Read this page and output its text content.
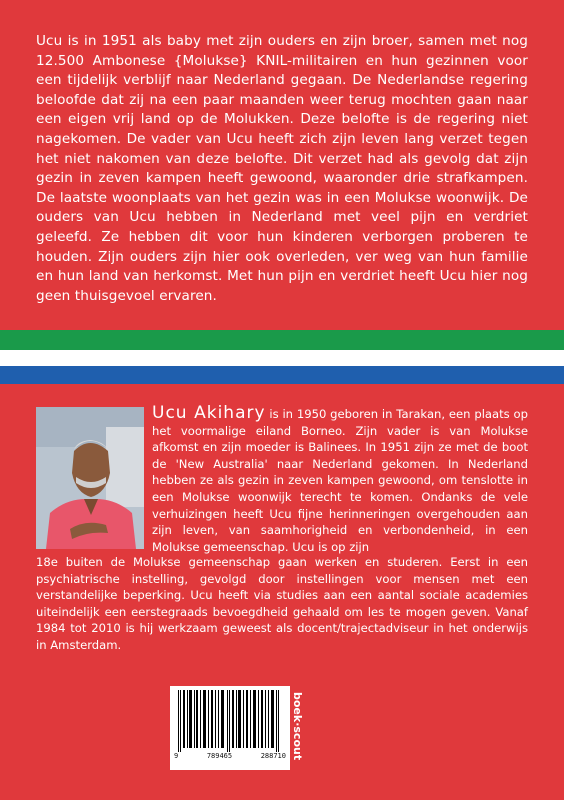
Ucu is in 1951 als baby met zijn ouders en zijn broer, samen met nog 12.500 Ambonese {Molukse} KNIL-militairen en hun gezinnen voor een tijdelijk verblijf naar Nederland gegaan. De Nederlandse regering beloofde dat zij na een paar maanden weer terug mochten gaan naar een eigen vrij land op de Molukken. Deze belofte is de regering niet nagekomen. De vader van Ucu heeft zich zijn leven lang verzet tegen het niet nakomen van deze belofte. Dit verzet had als gevolg dat zijn gezin in zeven kampen heeft gewoond, waaronder drie strafkampen. De laatste woonplaats van het gezin was in een Molukse woonwijk. De ouders van Ucu hebben in Nederland met veel pijn en verdriet geleefd. Ze hebben dit voor hun kinderen verborgen proberen te houden. Zijn ouders zijn hier ook overleden, ver weg van hun familie en hun land van herkomst. Met hun pijn en verdriet heeft Ucu hier nog geen thuisgevoel ervaren.

Ucu Akihary is in 1950 geboren in Tarakan, een plaats op het voormalige eiland Borneo. Zijn vader is van Molukse afkomst en zijn moeder is Balinees. In 1951 zijn ze met de boot de 'New Australia' naar Nederland gekomen. In Nederland hebben ze als gezin in zeven kampen gewoond, om tenslotte in een Molukse woonwijk terecht te komen. Ondanks de vele verhuizingen heeft Ucu fijne herinneringen overgehouden aan zijn leven, van saamhorigheid en verbondenheid, in een Molukse gemeenschap. Ucu is op zijn

18e buiten de Molukse gemeenschap gaan werken en studeren. Eerst in een psychiatrische instelling, gevolgd door instellingen voor mensen met een verstandelijke beperking. Ucu heeft via studies aan een aantal sociale academies uiteindelijk een eerstegraads bevoegdheid gehaald om les te mogen geven. Vanaf 1984 tot 2010 is hij werkzaam geweest als docent/trajectadviseur in het onderwijs in Amsterdam.

9	789465	288710 boek·scout
